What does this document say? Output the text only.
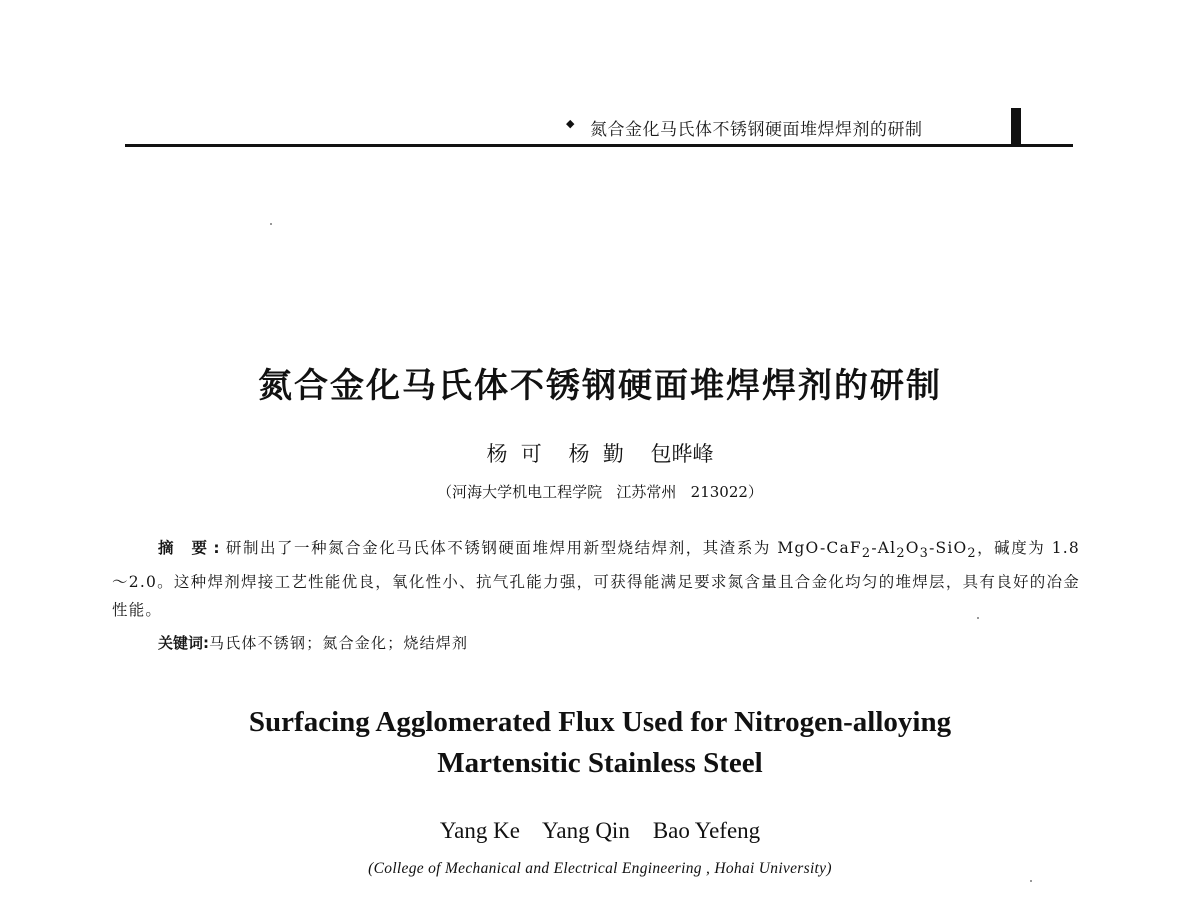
◆ 氮合金化马氏体不锈钢硬面堆焊焊剂的研制
氮合金化马氏体不锈钢硬面堆焊焊剂的研制
杨  可    杨  勤    包晔峰
（河海大学机电工程学院   江苏常州   213022）
摘 要:研制出了一种氮合金化马氏体不锈钢硬面堆焊用新型烧结焊剂，其渣系为 MgO-$CaF_2-Al_2O_3-SiO_2$，碱度为 1.8～2.0。这种焊剂焊接工艺性能优良，氧化性小、抗气孔能力强，可获得能满足要求氮含量且合金化均匀的堆焊层，具有良好的冶金性能。
关键词:马氏体不锈钢；氮合金化；烧结焊剂
Surfacing Agglomerated Flux Used for Nitrogen-alloying
Martensitic Stainless Steel
Yang Ke    Yang Qin    Bao Yefeng
(College of Mechanical and Electrical Engineering , Hohai University)
